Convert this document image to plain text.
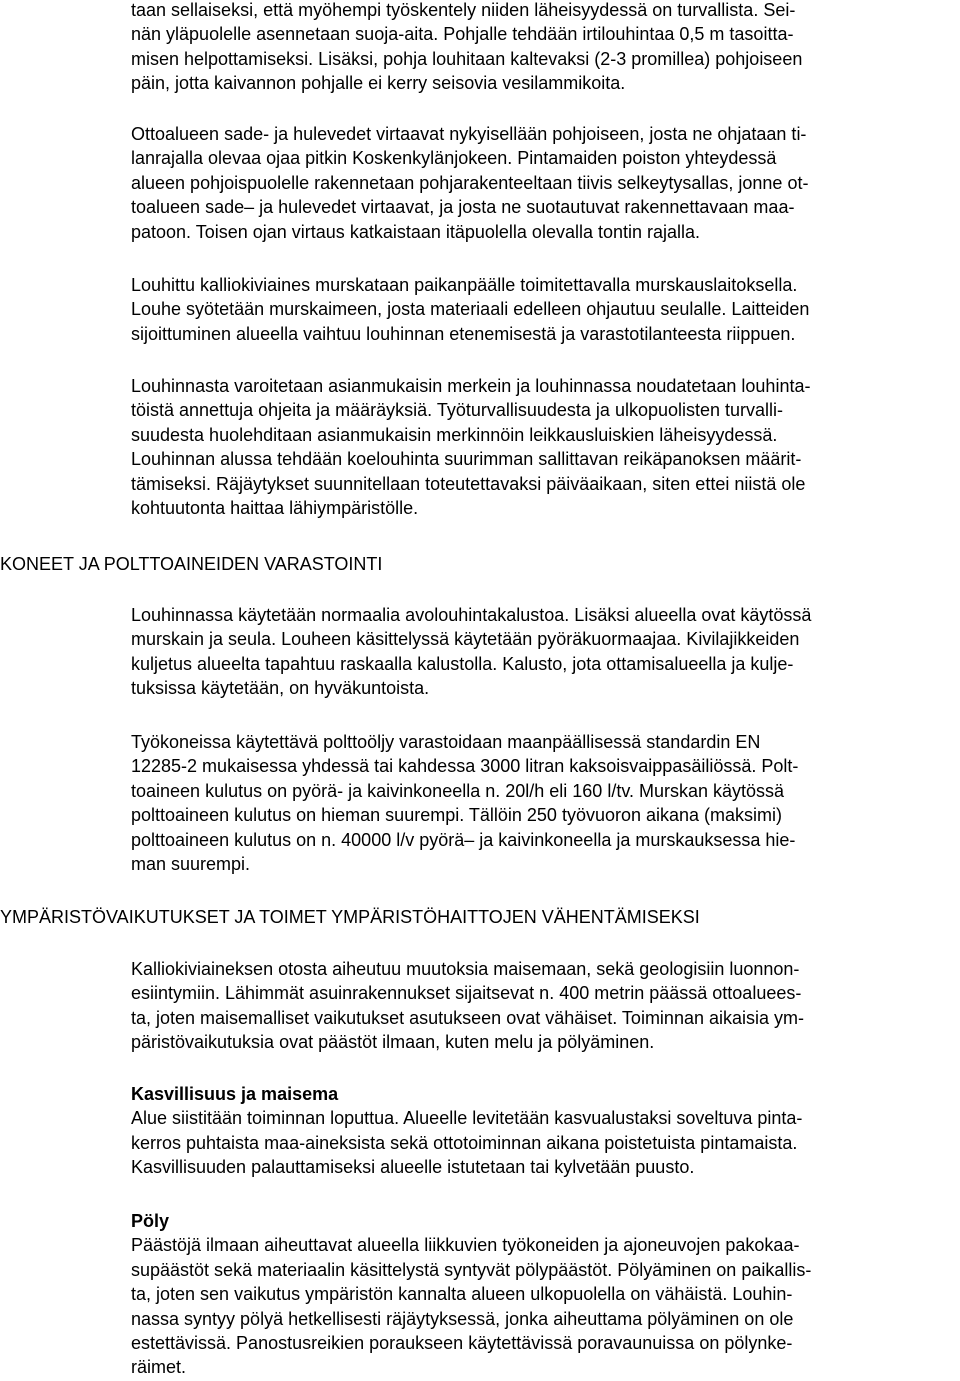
taan sellaiseksi, että myöhempi työskentely niiden läheisyydessä on turvallista. Sei-
nän yläpuolelle asennetaan suoja-aita. Pohjalle tehdään irtilouhintaa 0,5 m tasoitta-
misen helpottamiseksi. Lisäksi, pohja louhitaan kaltevaksi (2-3 promillea) pohjoiseen
päin, jotta kaivannon pohjalle ei kerry seisovia vesilammikoita.
Ottoalueen sade- ja hulevedet virtaavat nykyisellään pohjoiseen, josta ne ohjataan ti-
lanrajalla olevaa ojaa pitkin Koskenkylänjokeen. Pintamaiden poiston yhteydessä
alueen pohjoispuolelle rakennetaan pohjarakenteeltaan tiivis selkeytysallas, jonne ot-
toalueen sade– ja hulevedet virtaavat, ja josta ne suotautuvat rakennettavaan maa-
patoon. Toisen ojan virtaus katkaistaan itäpuolella olevalla tontin rajalla.
Louhittu kalliokiviaines murskataan paikanpäälle toimitettavalla murskauslaitoksella.
Louhe syötetään murskaimeen, josta materiaali edelleen ohjautuu seulalle. Laitteiden
sijoittuminen alueella vaihtuu louhinnan etenemisestä ja varastotilanteesta riippuen.
Louhinnasta varoitetaan asianmukaisin merkein ja louhinnassa noudatetaan louhinta-
töistä annettuja ohjeita ja määräyksiä. Työturvallisuudesta ja ulkopuolisten turvalli-
suudesta huolehditaan asianmukaisin merkinnöin leikkausluiskien läheisyydessä.
Louhinnan alussa tehdään koelouhinta suurimman sallittavan reikäpanoksen määrit-
tämiseksi. Räjäytykset suunnitellaan toteutettavaksi päiväaikaan, siten ettei niistä ole
kohtuutonta haittaa lähiympäristölle.
KONEET JA POLTTOAINEIDEN VARASTOINTI
Louhinnassa käytetään normaalia avolouhintakalustoa. Lisäksi alueella ovat käytössä
murskain ja seula. Louheen käsittelyssä käytetään pyöräkuormaajaa. Kivilajikkeiden
kuljetus alueelta tapahtuu raskaalla kalustolla. Kalusto, jota ottamisalueella ja kulje-
tuksissa käytetään, on hyväkuntoista.
Työkoneissa käytettävä polttoöljy varastoidaan maanpäällisessä standardin EN
12285-2 mukaisessa yhdessä tai kahdessa 3000 litran kaksoisvaippasäiliössä. Polt-
toaineen kulutus on pyörä- ja kaivinkoneella n. 20l/h eli 160 l/tv. Murskan käytössä
polttoaineen kulutus on hieman suurempi. Tällöin 250 työvuoron aikana (maksimi)
polttoaineen kulutus on n. 40000 l/v pyörä– ja kaivinkoneella ja murskauksessa hie-
man suurempi.
YMPÄRISTÖVAIKUTUKSET JA TOIMET YMPÄRISTÖHAITTOJEN VÄHENTÄMISEKSI
Kalliokiviaineksen otosta aiheutuu muutoksia maisemaan, sekä geologisiin luonnon-
esiintymiin. Lähimmät asuinrakennukset sijaitsevat n. 400 metrin päässä ottoaluees-
ta, joten maisemalliset vaikutukset asutukseen ovat vähäiset. Toiminnan aikaisia ym-
päristövaikutuksia ovat päästöt ilmaan, kuten melu ja pölyäminen.
Kasvillisuus ja maisema
Alue siistitään toiminnan loputtua. Alueelle levitetään kasvualustaksi soveltuva pinta-
kerros puhtaista maa-aineksista sekä ottotoiminnan aikana poistetuista pintamaista.
Kasvillisuuden palauttamiseksi alueelle istutetaan tai kylvetään puusto.
Pöly
Päästöjä ilmaan aiheuttavat alueella liikkuvien työkoneiden ja ajoneuvojen pakokaa-
supäästöt sekä materiaalin käsittelystä syntyvät pölypäästöt. Pölyäminen on paikallis-
ta, joten sen vaikutus ympäristön kannalta alueen ulkopuolella on vähäistä. Louhin-
nassa syntyy pölyä hetkellisesti räjäytyksessä, jonka aiheuttama pölyäminen on ole
estettävissä. Panostusreikien poraukseen käytettävissä poravaunuissa on pölynke-
räimet.
